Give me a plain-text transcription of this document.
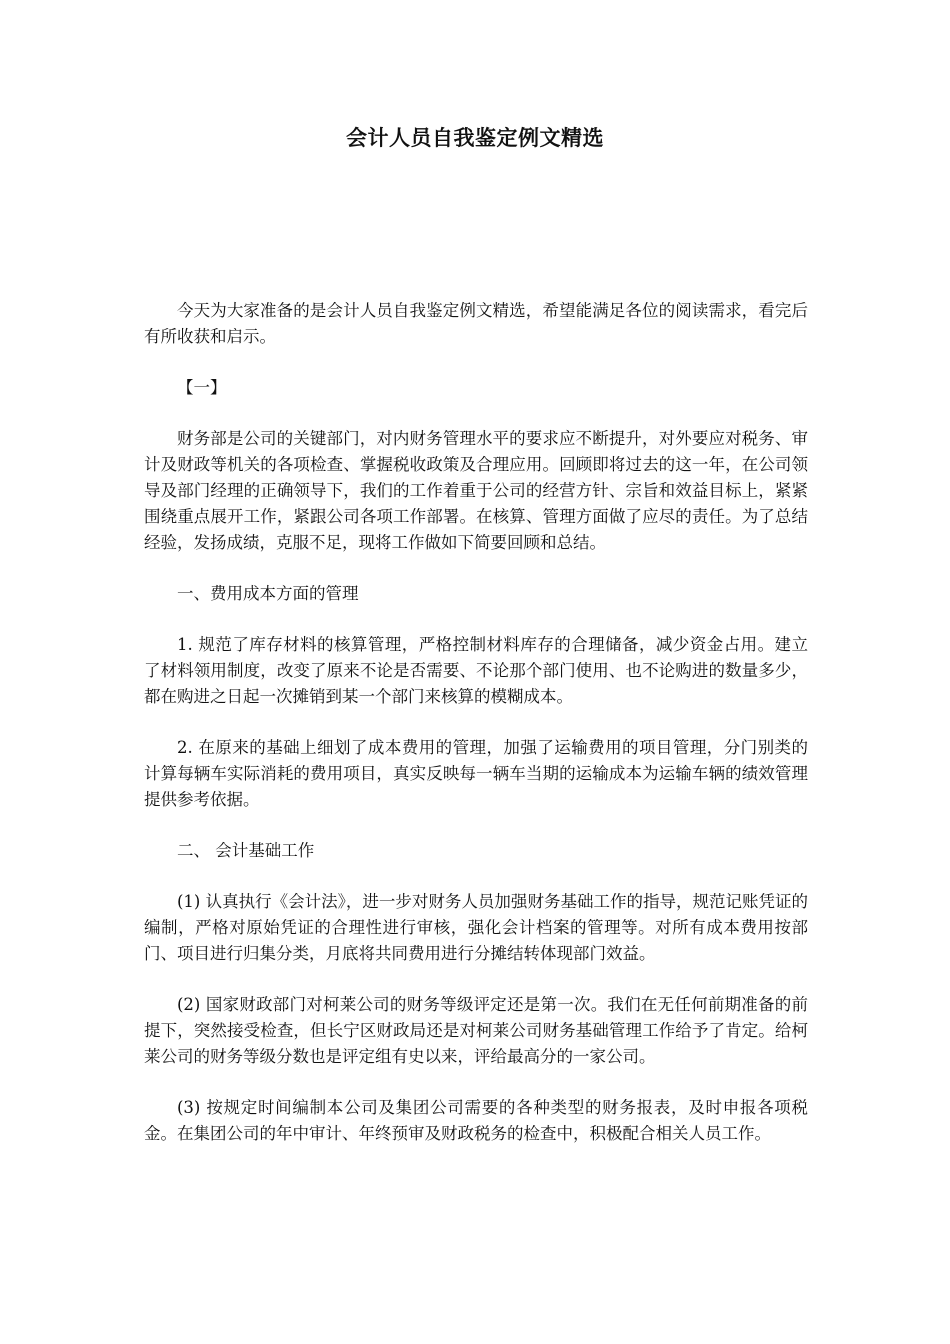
会计人员自我鉴定例文精选

今天为大家准备的是会计人员自我鉴定例文精选，希望能满足各位的阅读需求，看完后有所收获和启示。

【一】

财务部是公司的关键部门，对内财务管理水平的要求应不断提升，对外要应对税务、审计及财政等机关的各项检查、掌握税收政策及合理应用。回顾即将过去的这一年，在公司领导及部门经理的正确领导下，我们的工作着重于公司的经营方针、宗旨和效益目标上，紧紧围绕重点展开工作，紧跟公司各项工作部署。在核算、管理方面做了应尽的责任。为了总结经验，发扬成绩，克服不足，现将工作做如下简要回顾和总结。

一、费用成本方面的管理

1. 规范了库存材料的核算管理，严格控制材料库存的合理储备，减少资金占用。建立了材料领用制度，改变了原来不论是否需要、不论那个部门使用、也不论购进的数量多少，都在购进之日起一次摊销到某一个部门来核算的模糊成本。

2. 在原来的基础上细划了成本费用的管理，加强了运输费用的项目管理，分门别类的计算每辆车实际消耗的费用项目，真实反映每一辆车当期的运输成本为运输车辆的绩效管理提供参考依据。

二、 会计基础工作

(1) 认真执行《会计法》，进一步对财务人员加强财务基础工作的指导，规范记账凭证的编制，严格对原始凭证的合理性进行审核，强化会计档案的管理等。对所有成本费用按部门、项目进行归集分类，月底将共同费用进行分摊结转体现部门效益。

(2) 国家财政部门对柯莱公司的财务等级评定还是第一次。我们在无任何前期准备的前提下，突然接受检查，但长宁区财政局还是对柯莱公司财务基础管理工作给予了肯定。给柯莱公司的财务等级分数也是评定组有史以来，评给最高分的一家公司。

(3) 按规定时间编制本公司及集团公司需要的各种类型的财务报表，及时申报各项税金。在集团公司的年中审计、年终预审及财政税务的检查中，积极配合相关人员工作。
